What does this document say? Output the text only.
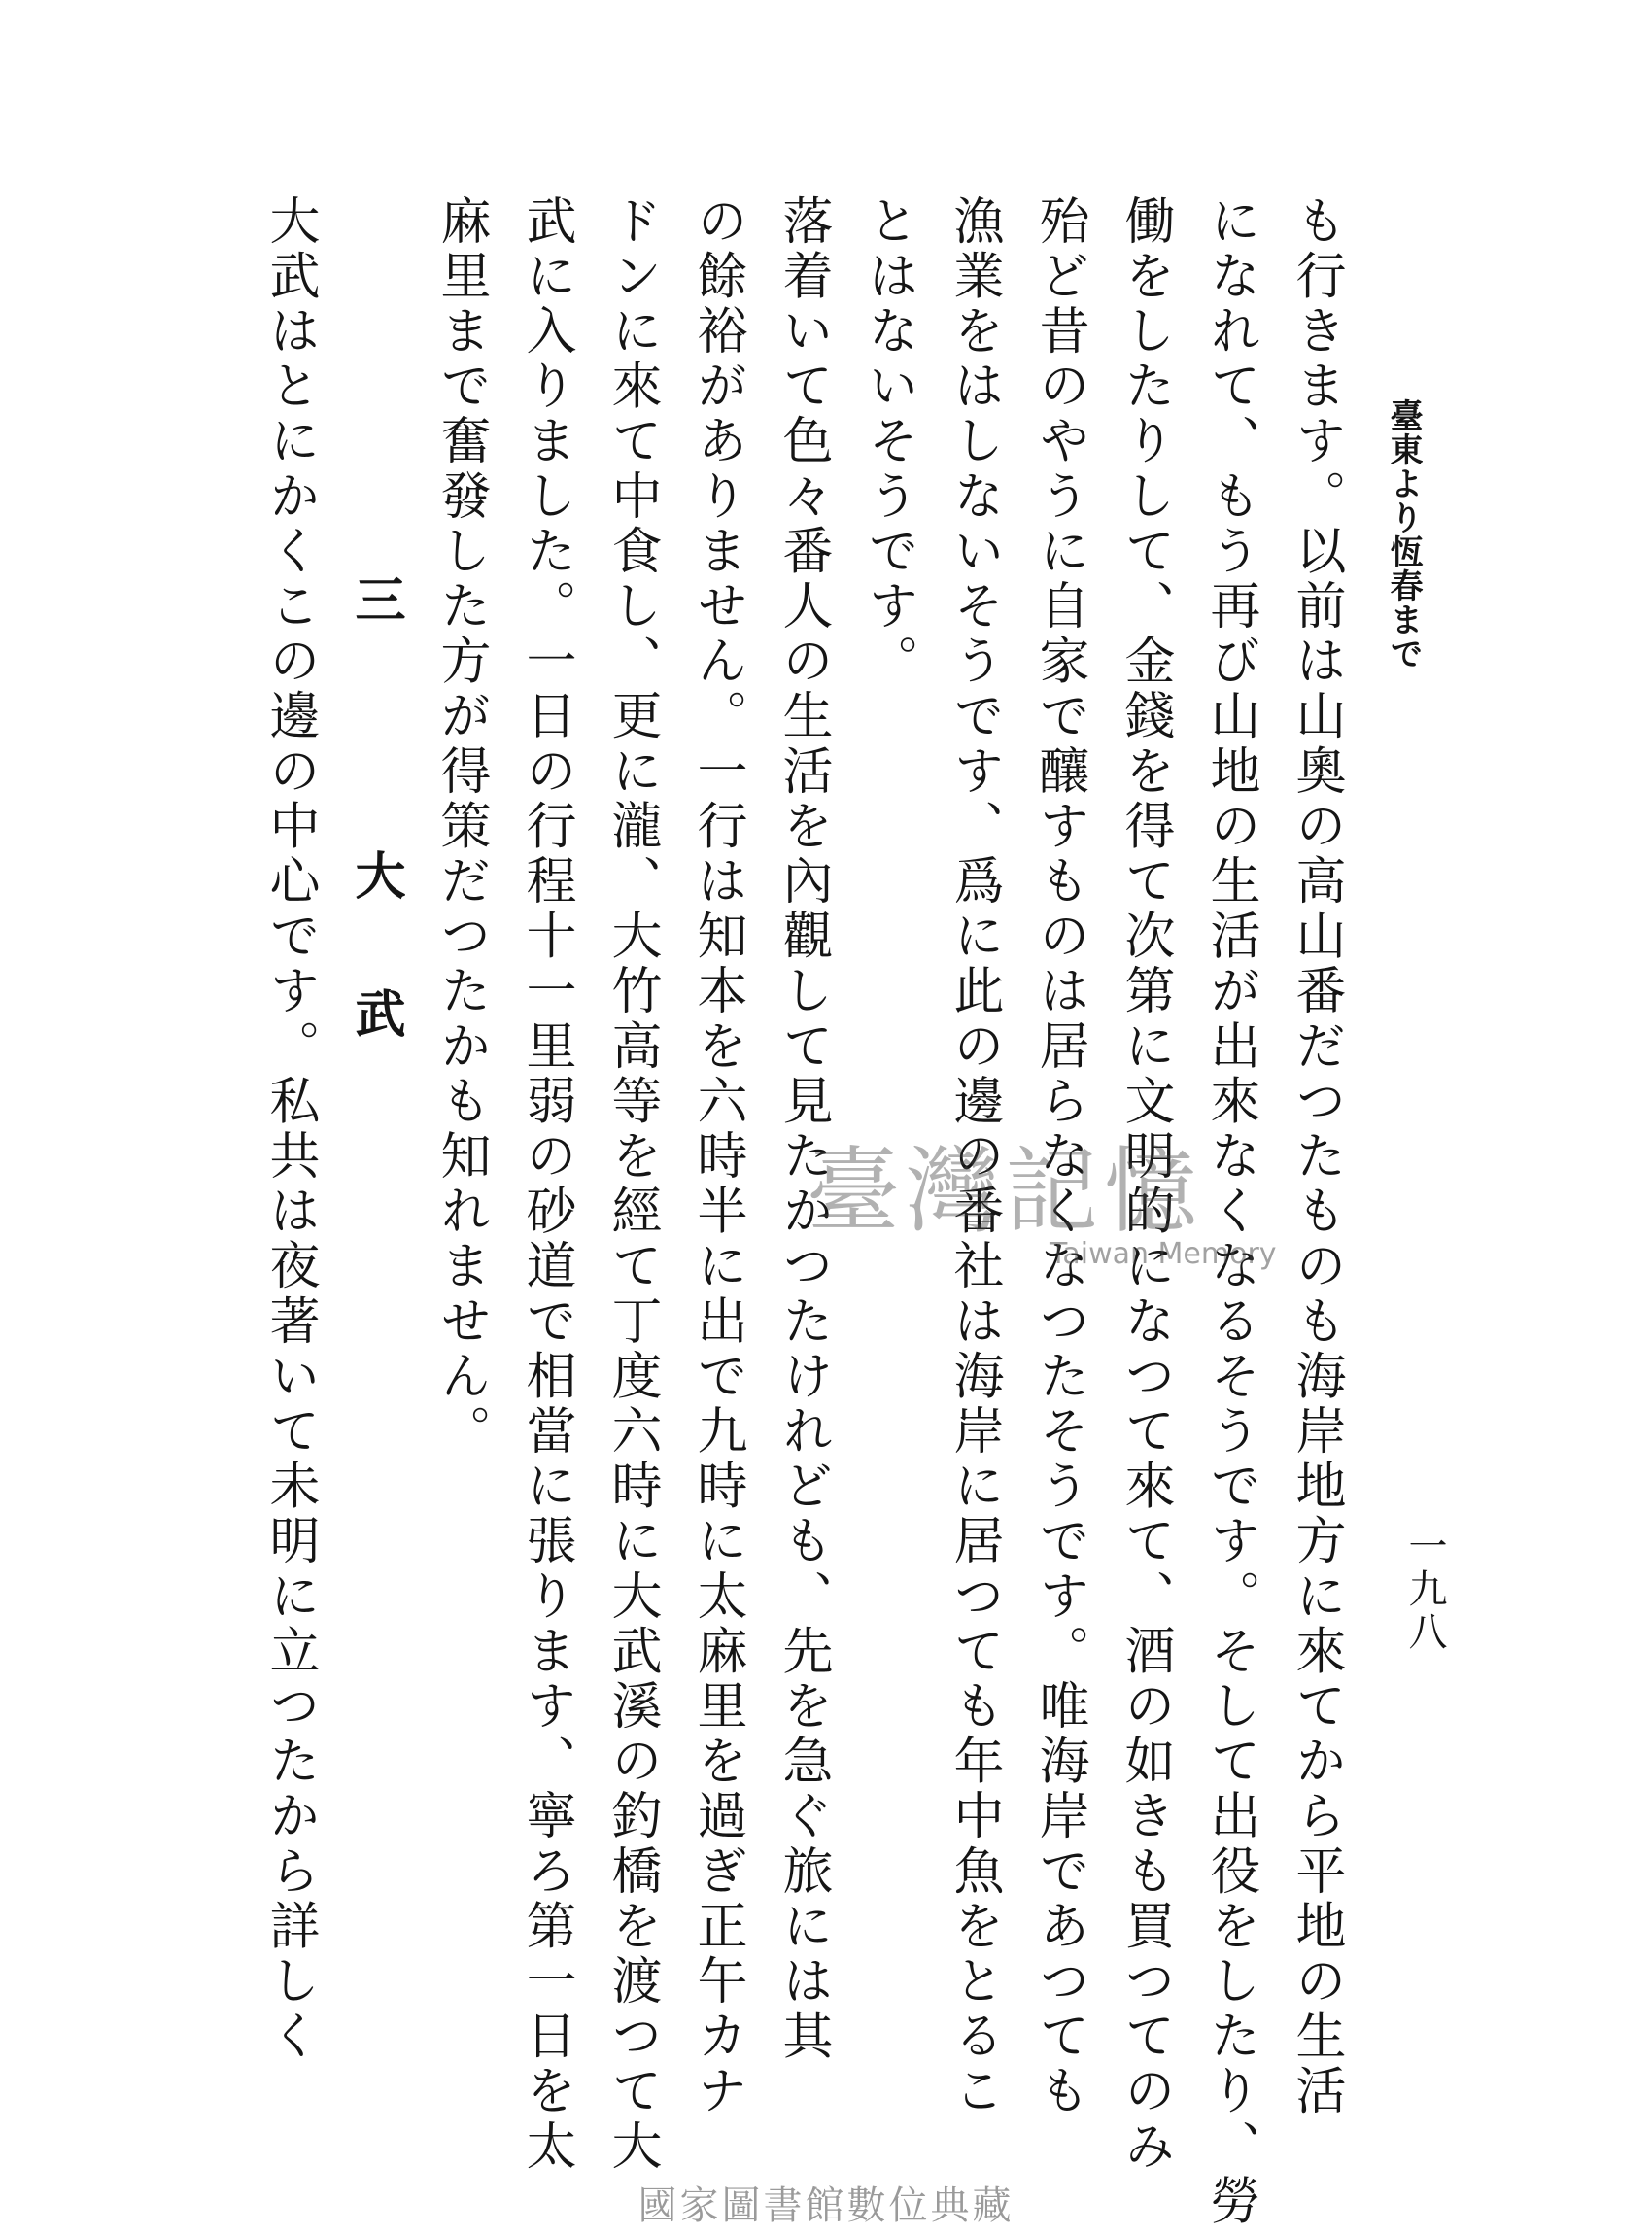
臺東より恆春まで
一九八
も行きます。以前は山奧の高山番だつたものも海岸地方に來てから平地の生活
になれて、もう再び山地の生活が出來なくなるそうです。そして出役をしたり、勞
働をしたりして、金錢を得て次第に文明的になつて來て、酒の如きも買つてのみ
殆ど昔のやうに自家で釀すものは居らなくなつたそうです。唯海岸であつても
漁業をはしないそうです、爲に此の邊の番社は海岸に居つても年中魚をとるこ
とはないそうです。
落着いて色々番人の生活を內觀して見たかつたけれども、先を急ぐ旅には其
の餘裕がありません。一行は知本を六時半に出で九時に太麻里を過ぎ正午カナ
ドンに來て中食し、更に瀧、大竹高等を經て丁度六時に大武溪の釣橋を渡つて大
武に入りました。一日の行程十一里弱の砂道で相當に張ります、寧ろ第一日を太
麻里まで奮發した方が得策だつたかも知れません。
三　大武
大武はとにかくこの邊の中心です。私共は夜著いて未明に立つたから詳しく	臺灣記憶
Taiwan Memory
國家圖書館數位典藏
